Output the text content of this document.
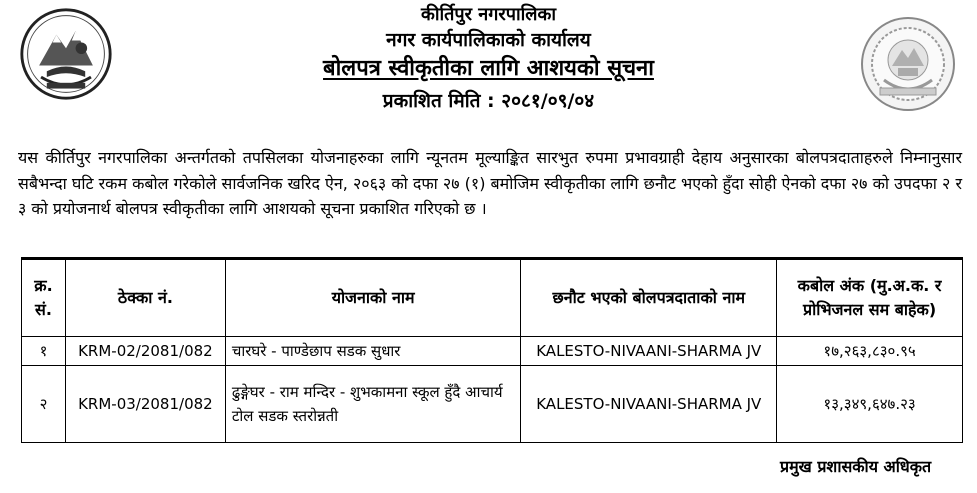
कीर्तिपुर नगरपालिका
नगर कार्यपालिकाको कार्यालय
बोलपत्र स्वीकृतीका लागि आशयको सूचना
प्रकाशित मिति : २०८१/०९/०४
यस कीर्तिपुर नगरपालिका अन्तर्गतको तपसिलका योजनाहरुका लागि न्यूनतम मूल्याङ्कित सारभुत रुपमा प्रभावग्राही देहाय अनुसारका बोलपत्रदाताहरुले निम्नानुसार सबैभन्दा घटि रकम कबोल गरेकोले सार्वजनिक खरिद ऐन, २०६३ को दफा २७ (१) बमोजिम स्वीकृतीका लागि छनौट भएको हुँदा सोही ऐनको दफा २७ को उपदफा २ र ३ को प्रयोजनार्थ बोलपत्र स्वीकृतीका लागि आशयको सूचना प्रकाशित गरिएको छ ।
क्र. सं.	ठेक्का नं.	योजनाको नाम	छनौट भएको बोलपत्रदाताको नाम	कबोल अंक (मु.अ.क. र प्रोभिजनल सम बाहेक)
१	KRM-02/2081/082	चारघरे - पाण्डेछाप सडक सुधार	KALESTO-NIVAANI-SHARMA JV	१७,२६३,८३०.९५
२	KRM-03/2081/082	ढुङ्गेघर - राम मन्दिर - शुभकामना स्कूल हुँदै आचार्य टोल सडक स्तरोन्नती	KALESTO-NIVAANI-SHARMA JV	१३,३४९,६४७.२३
प्रमुख प्रशासकीय अधिकृत
